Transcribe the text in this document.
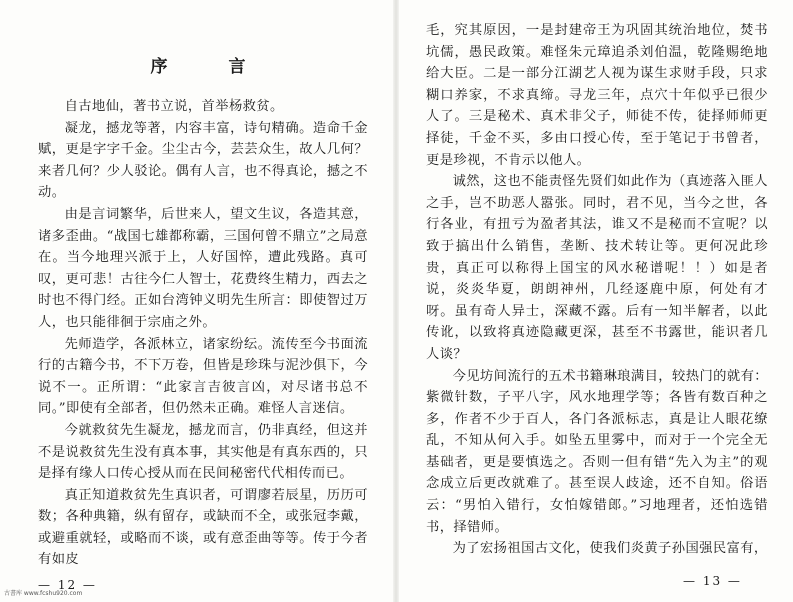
序　言

自古地仙，著书立说，首举杨救贫。

凝龙，撼龙等著，内容丰富，诗句精确。造命千金赋，更是字字千金。尘尘古今，芸芸众生，故人几何？来者几何？少人驳论。偶有人言，也不得真论，撼之不动。

由是言词繁华，后世来人，望文生议，各造其意，诸多歪曲。“战国七雄都称霸，三国何曾不鼎立”之局意在。当今地理兴派于上，人好国悴，遭此残路。真可叹，更可悲！古往今仁人智士，花费终生精力，西去之时也不得门经。正如台湾钟义明先生所言：即使智过万人，也只能徘徊于宗庙之外。

先师造学，各派林立，诸家纷纭。流传至今书面流行的古籍今书，不下万卷，但皆是珍珠与泥沙俱下，今说不一。正所谓：“此家言吉彼言凶，对尽诸书总不同。”即使有全部者，但仍然未正确。难怪人言迷信。

今就救贫先生凝龙，撼龙而言，仍非真经，但这并不是说救贫先生没有真本事，其实他是有真东西的，只是择有缘人口传心授从而在民间秘密代代相传而已。

真正知道救贫先生真识者，可谓廖若辰星，历历可数；各种典籍，纵有留存，或缺而不全，或张冠李戴，或避重就轻，或略而不谈，或有意歪曲等等。传于今者有如皮

— 12 —

毛，究其原因，一是封建帝王为巩固其统治地位，焚书坑儒，愚民政策。难怪朱元璋追杀刘伯温，乾隆赐绝地给大臣。二是一部分江湖艺人视为谋生求财手段，只求糊口养家，不求真缔。寻龙三年，点穴十年似乎已很少人了。三是秘术、真术非父子，师徒不传，徒择师师更择徒，千金不买，多由口授心传，至于笔记于书曾者，更是珍视，不肯示以他人。

诚然，这也不能责怪先贤们如此作为（真迹落入匪人之手，岂不助恶人嚣张。同时，君不见，当今之世，各行各业，有扭亏为盈者其法，谁又不是秘而不宣呢？以致于搞出什么销售，垄断、技术转让等。更何况此珍贵，真正可以称得上国宝的风水秘谱呢！！）如是者说，炎炎华夏，朗朗神州，几经逐鹿中原，何处有才呀。虽有奇人异士，深藏不露。后有一知半解者，以此传讹，以致将真迹隐藏更深，甚至不书露世，能识者几人谈？

今见坊间流行的五术书籍琳琅满目，较热门的就有：紫微针数，子平八字，风水地理学等；各皆有数百种之多，作者不少于百人，各门各派标志，真是让人眼花缭乱，不知从何入手。如坠五里雾中，而对于一个完全无基础者，更是要慎选之。否则一但有错“先入为主”的观念成立后更改就难了。甚至误人歧途，还不自知。俗语云：“男怕入错行，女怕嫁错郎。”习地理者，还怕选错书，择错师。

为了宏扬祖国古文化，使我们炎黄子孙国强民富有，

— 13 —
古書库 www.fcshu920.com
